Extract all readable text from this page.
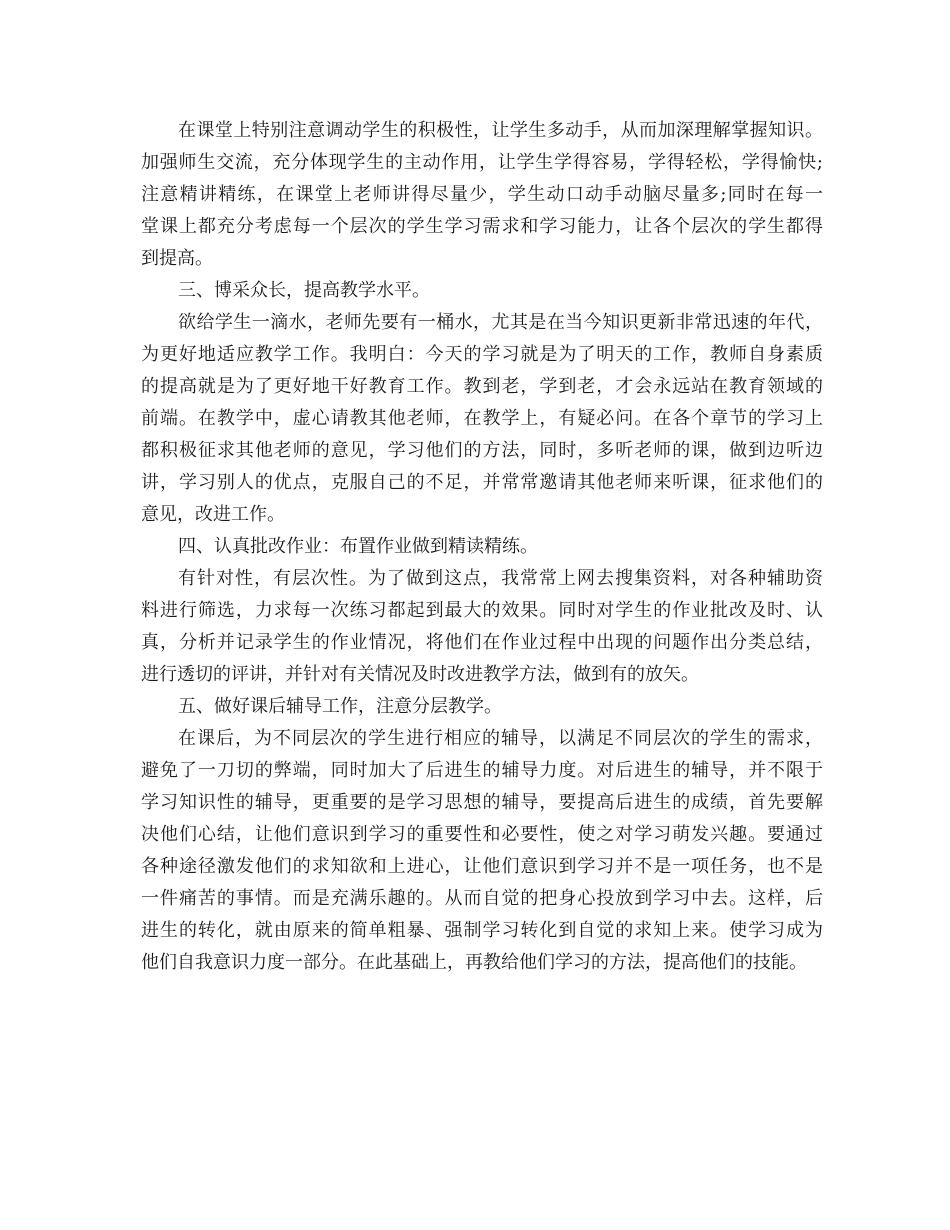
在课堂上特别注意调动学生的积极性，让学生多动手，从而加深理解掌握知识。
加强师生交流，充分体现学生的主动作用，让学生学得容易，学得轻松，学得愉快;
注意精讲精练，在课堂上老师讲得尽量少，学生动口动手动脑尽量多;同时在每一
堂课上都充分考虑每一个层次的学生学习需求和学习能力，让各个层次的学生都得
到提高。
三、博采众长，提高教学水平。
欲给学生一滴水，老师先要有一桶水，尤其是在当今知识更新非常迅速的年代，
为更好地适应教学工作。我明白：今天的学习就是为了明天的工作，教师自身素质
的提高就是为了更好地干好教育工作。教到老，学到老，才会永远站在教育领域的
前端。在教学中，虚心请教其他老师，在教学上，有疑必问。在各个章节的学习上
都积极征求其他老师的意见，学习他们的方法，同时，多听老师的课，做到边听边
讲，学习别人的优点，克服自己的不足，并常常邀请其他老师来听课，征求他们的
意见，改进工作。
四、认真批改作业：布置作业做到精读精练。
有针对性，有层次性。为了做到这点，我常常上网去搜集资料，对各种辅助资
料进行筛选，力求每一次练习都起到最大的效果。同时对学生的作业批改及时、认
真，分析并记录学生的作业情况，将他们在作业过程中出现的问题作出分类总结，
进行透切的评讲，并针对有关情况及时改进教学方法，做到有的放矢。
五、做好课后辅导工作，注意分层教学。
在课后，为不同层次的学生进行相应的辅导，以满足不同层次的学生的需求，
避免了一刀切的弊端，同时加大了后进生的辅导力度。对后进生的辅导，并不限于
学习知识性的辅导，更重要的是学习思想的辅导，要提高后进生的成绩，首先要解
决他们心结，让他们意识到学习的重要性和必要性，使之对学习萌发兴趣。要通过
各种途径激发他们的求知欲和上进心，让他们意识到学习并不是一项任务，也不是
一件痛苦的事情。而是充满乐趣的。从而自觉的把身心投放到学习中去。这样，后
进生的转化，就由原来的简单粗暴、强制学习转化到自觉的求知上来。使学习成为
他们自我意识力度一部分。在此基础上，再教给他们学习的方法，提高他们的技能。
